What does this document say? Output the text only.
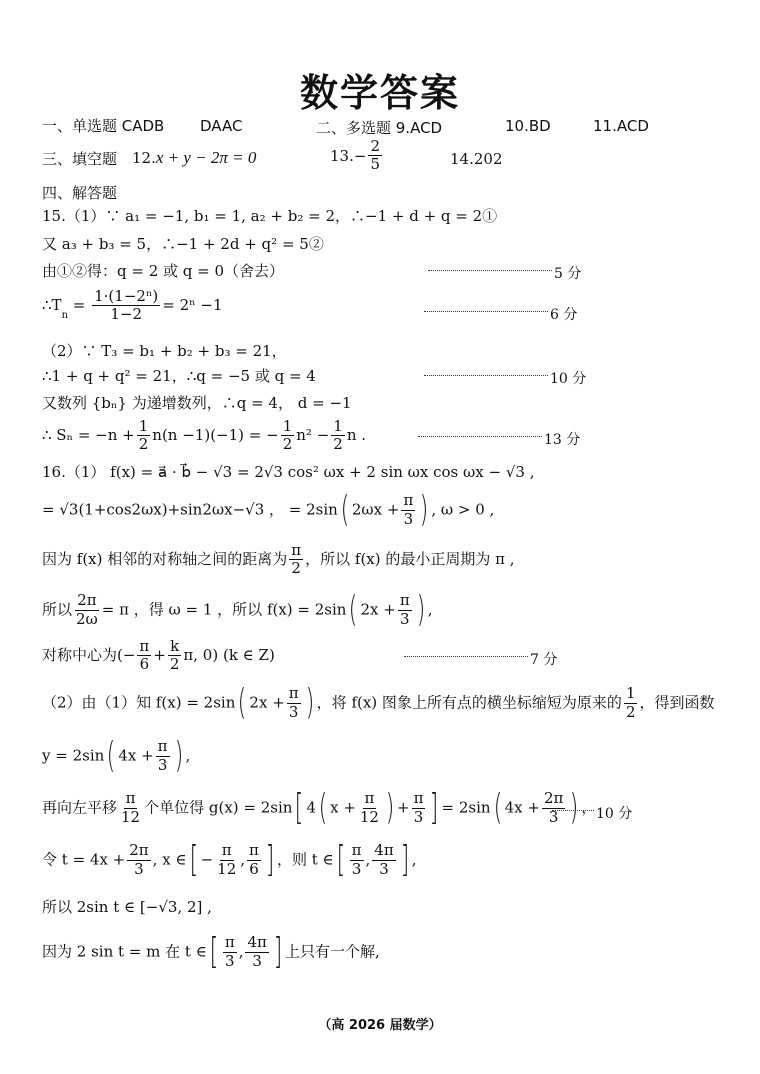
数学答案
一、单选题 CADB DAAC	二、多选题 9.ACD	10.BD	11.ACD
三、填空题 12.x + y − 2π = 0	$13.- \frac{2}{5}$	14.202
四、解答题
15.（1）∵ a₁ = −1, b₁ = 1, a₂ + b₂ = 2，∴−1 + d + q = 2①
又 a₃ + b₃ = 5，∴−1 + 2d + q² = 5②
由①②得：q = 2 或 q = 0（舍去）	5 分
$\therefore T_n = \frac{\text{1·(1−2ⁿ)}}{1-2} = 2^n -1$
6 分
（2）∵ T₃ = b₁ + b₂ + b₃ = 21，
∴1 + q + q² = 21，∴q = −5 或 q = 4	10 分
又数列 {bₙ} 为递增数列，∴q = 4， d = −1
∴ $S_n = -n + \frac{1}{2} n(n -1)(-1)$ = − $\frac{1}{2} n^2 - \frac{1}{2}$ n .	13 分
16.（1） f(x) = a⃗ · b⃗ − √3 = 2√3 cos² ωx + 2 sin ωx cos ωx − √3 ,
= √3(1+cos2ωx)+sin2ωx−√3 ， = 2sin( $2\omega x + \frac{\pi}{3}$ ) , ω > 0 ,
因为 f(x) 相邻的对称轴之间的距离为 $\frac{\pi}{2}$ ，所以 f(x) 的最小正周期为 π ,
所以 $\frac{2\pi}{2\omega} = \pi$ ，得 ω = 1 ，所以 f(x) = 2sin( $2x + \frac{\pi}{3}$ ) ,
对称中心为(− $\frac{\pi}{6} + \frac{k}{2} \pi$, 0) (k ∈ Z)	7 分
（2）由（1）知 f(x) = 2sin( $2x + \frac{\pi}{3}$ ) ，将 f(x) 图象上所有点的横坐标缩短为原来的 $\frac{1}{2}$ ，得到函数
y = 2sin( $4x + \frac{\pi}{3}$ ) ,
再向左平移 $\frac{\pi}{12}$ 个单位得 g(x) = 2sin[ 4( $x + \frac{\pi}{12}$ ) + $\frac{\pi}{3}$ ] = 2sin( $4x + \frac{2\pi}{3}$ ) ， 10 分
令 $t = 4x + \frac{2\pi}{3}$ , x ∈[ − $\frac{\pi}{12}$ , $\frac{\pi}{6}$ ] ，则 t ∈[ $\frac{\pi}{3}$ , $\frac{4\pi}{3}$ ] ,
所以 2sin t ∈ [−√3, 2] ,
因为 2 sin t = m 在 t ∈[ $\frac{\pi}{3}$ , $\frac{4\pi}{3}$ ] 上只有一个解,
（高 2026 届数学）
